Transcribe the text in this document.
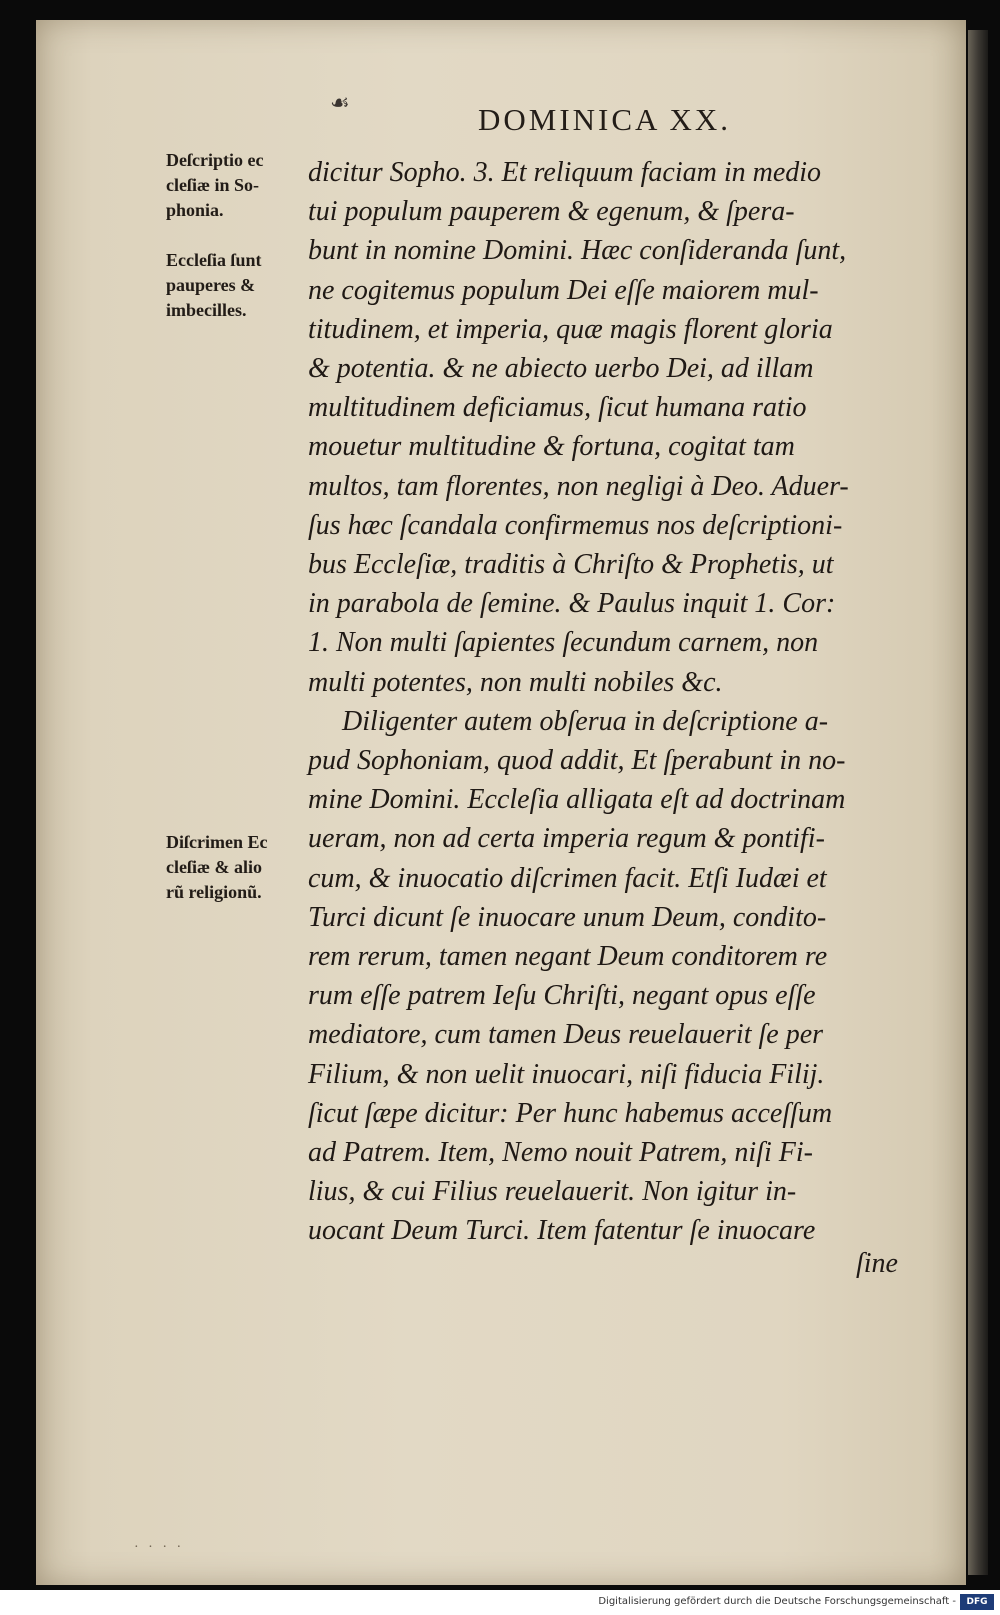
☙	DOMINICA XX.
Deſcriptio ec
cleſiæ in So-
phonia.
Eccleſia ſunt
pauperes &
imbecilles.
Diſcrimen Ec
cleſiæ & alio
rũ religionũ.
dicitur Sopho. 3. Et reliquum faciam in medio
tui populum pauperem & egenum, & ſpera-
bunt in nomine Domini. Hæc conſideranda ſunt,
ne cogitemus populum Dei eſſe maiorem mul-
titudinem, et imperia, quæ magis florent gloria
& potentia. & ne abiecto uerbo Dei, ad illam
multitudinem deficiamus, ſicut humana ratio
mouetur multitudine & fortuna, cogitat tam
multos, tam florentes, non negligi à Deo. Aduer-
ſus hæc ſcandala confirmemus nos deſcriptioni-
bus Eccleſiæ, traditis à Chriſto & Prophetis, ut
in parabola de ſemine. & Paulus inquit 1. Cor:
1. Non multi ſapientes ſecundum carnem, non
multi potentes, non multi nobiles &c.
Diligenter autem obſerua in deſcriptione a-
pud Sophoniam, quod addit, Et ſperabunt in no-
mine Domini. Eccleſia alligata eſt ad doctrinam
ueram, non ad certa imperia regum & pontifi-
cum, & inuocatio diſcrimen facit. Etſi Iudæi et
Turci dicunt ſe inuocare unum Deum, condito-
rem rerum, tamen negant Deum conditorem re
rum eſſe patrem Ieſu Chriſti, negant opus eſſe
mediatore, cum tamen Deus reuelauerit ſe per
Filium, & non uelit inuocari, niſi fiducia Filij.
ſicut ſæpe dicitur: Per hunc habemus acceſſum
ad Patrem. Item, Nemo nouit Patrem, niſi Fi-
lius, & cui Filius reuelauerit. Non igitur in-
uocant Deum Turci. Item fatentur ſe inuocare
ſine
· · · ·
Digitalisierung gefördert durch die Deutsche Forschungsgemeinschaft -	DFG
